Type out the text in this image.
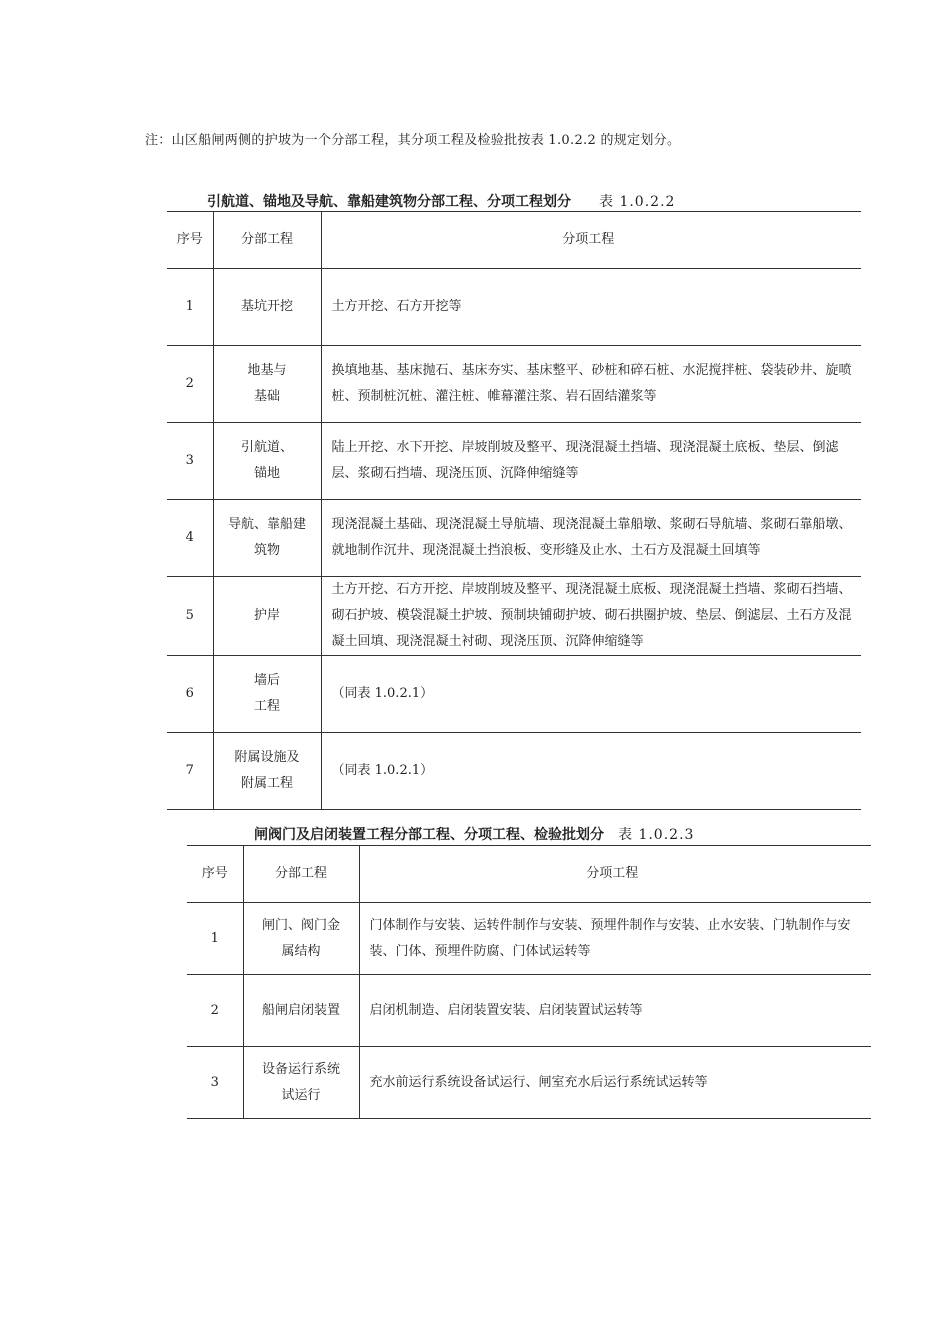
注：山区船闸两侧的护坡为一个分部工程，其分项工程及检验批按表 1.0.2.2 的规定划分。
引航道、锚地及导航、靠船建筑物分部工程、分项工程划分 表 1.0.2.2
序号	分部工程	分项工程
1	基坑开挖	土方开挖、石方开挖等
2	地基与
基础	换填地基、基床抛石、基床夯实、基床整平、砂桩和碎石桩、水泥搅拌桩、袋装砂井、旋喷桩、预制桩沉桩、灌注桩、帷幕灌注浆、岩石固结灌浆等
3	引航道、
锚地	陆上开挖、水下开挖、岸坡削坡及整平、现浇混凝土挡墙、现浇混凝土底板、垫层、倒滤层、浆砌石挡墙、现浇压顶、沉降伸缩缝等
4	导航、靠船建
筑物	现浇混凝土基础、现浇混凝土导航墙、现浇混凝土靠船墩、浆砌石导航墙、浆砌石靠船墩、就地制作沉井、现浇混凝土挡浪板、变形缝及止水、土石方及混凝土回填等
5	护岸	土方开挖、石方开挖、岸坡削坡及整平、现浇混凝土底板、现浇混凝土挡墙、浆砌石挡墙、砌石护坡、模袋混凝土护坡、预制块铺砌护坡、砌石拱圈护坡、垫层、倒滤层、土石方及混凝土回填、现浇混凝土衬砌、现浇压顶、沉降伸缩缝等
6	墙后
工程	（同表 1.0.2.1）
7	附属设施及
附属工程	（同表 1.0.2.1）
闸阀门及启闭装置工程分部工程、分项工程、检验批划分 表 1.0.2.3
序号	分部工程	分项工程
1	闸门、阀门金
属结构	门体制作与安装、运转件制作与安装、预埋件制作与安装、止水安装、门轨制作与安装、门体、预埋件防腐、门体试运转等
2	船闸启闭装置	启闭机制造、启闭装置安装、启闭装置试运转等
3	设备运行系统
试运行	充水前运行系统设备试运行、闸室充水后运行系统试运转等
